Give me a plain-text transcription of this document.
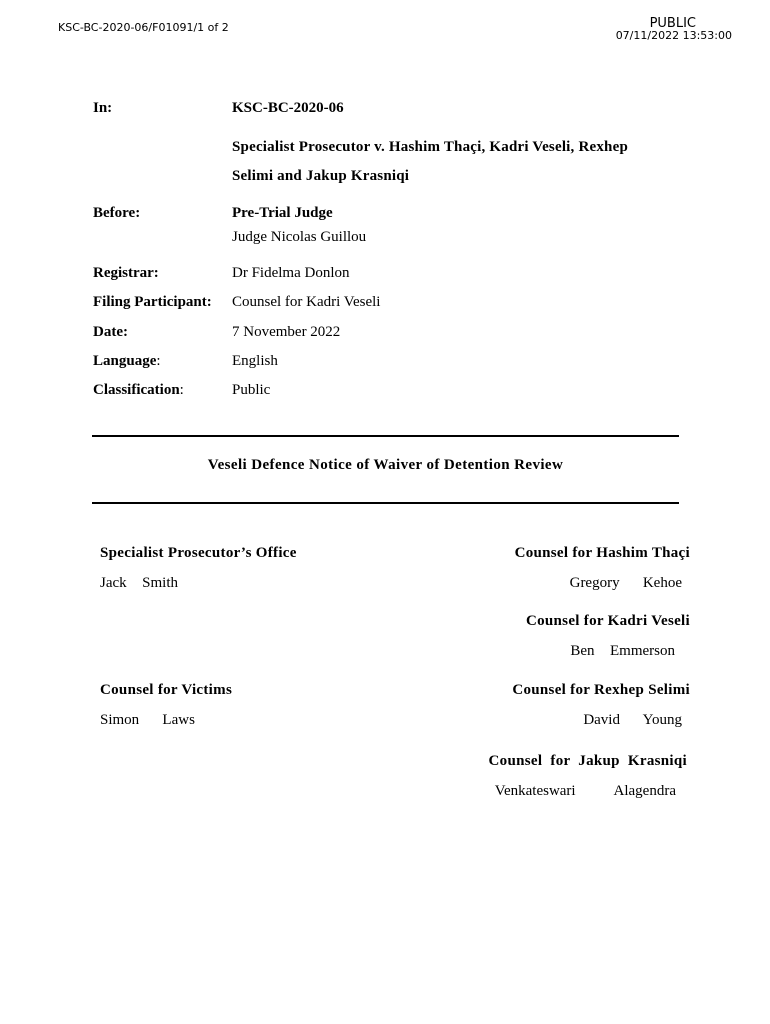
KSC-BC-2020-06/F01091/1 of 2	PUBLIC
07/11/2022 13:53:00
In:	KSC-BC-2020-06
Specialist Prosecutor v. Hashim Thaçi, Kadri Veseli, Rexhep
Selimi and Jakup Krasniqi
Before:	Pre-Trial Judge
Judge Nicolas Guillou
Registrar:	Dr Fidelma Donlon
Filing Participant: Counsel for Kadri Veseli
Date:	7 November 2022
Language:	English
Classification:	Public
Veseli Defence Notice of Waiver of Detention Review
Specialist Prosecutor’s Office
Jack  Smith
Counsel for Hashim Thaçi
Gregory   Kehoe
Counsel for Kadri Veseli
Ben  Emmerson
Counsel for Victims
Simon   Laws
Counsel for Rexhep Selimi
David   Young
Counsel  for  Jakup  Krasniqi
Venkateswari     Alagendra
